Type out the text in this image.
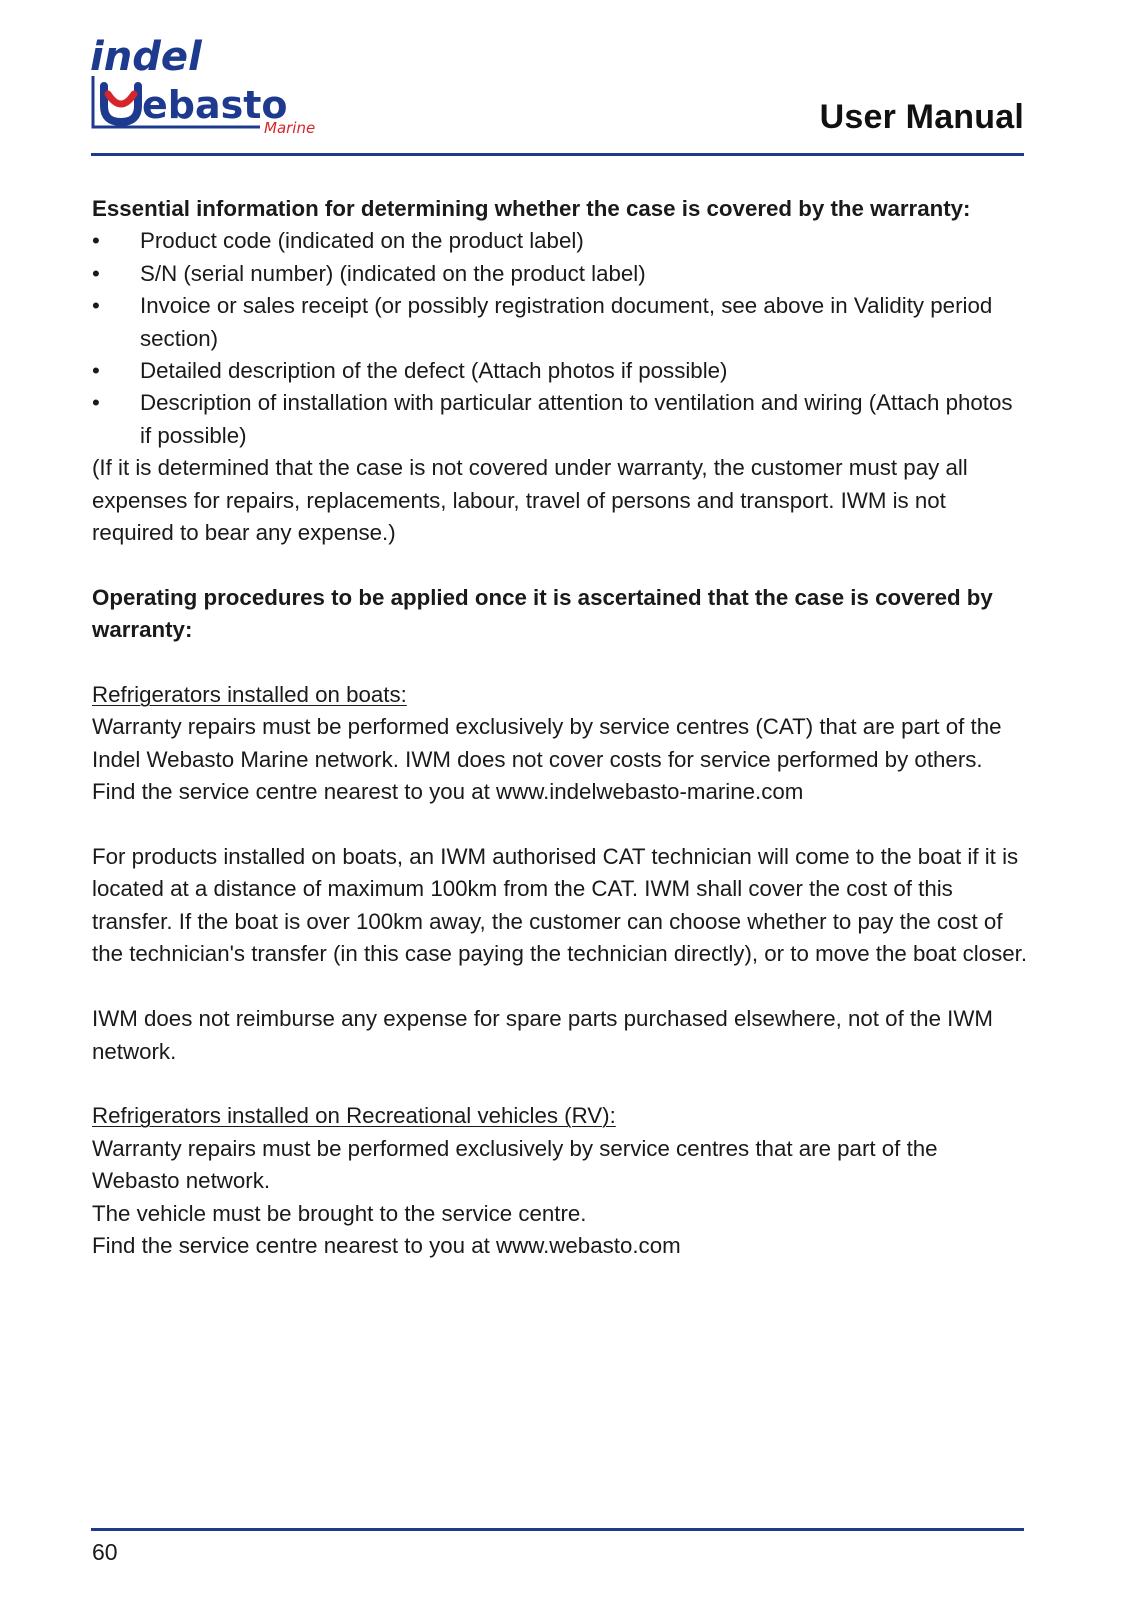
indel
ebasto
Marine	User Manual

Essential information for determining whether the case is covered by the warranty:

•	Product code (indicated on the product label)
•	S/N (serial number) (indicated on the product label)
•	Invoice or sales receipt (or possibly registration document, see above in Validity period section)
•	Detailed description of the defect (Attach photos if possible)
•	Description of installation with particular attention to ventilation and wiring (Attach photos if possible)

(If it is determined that the case is not covered under warranty, the customer must pay all expenses for repairs, replacements, labour, travel of persons and transport. IWM is not required to bear any expense.)

Operating procedures to be applied once it is ascertained that the case is covered by warranty:

Refrigerators installed on boats:

Warranty repairs must be performed exclusively by service centres (CAT) that are part of the Indel Webasto Marine network. IWM does not cover costs for service performed by others. Find the service centre nearest to you at www.indelwebasto-marine.com

For products installed on boats, an IWM authorised CAT technician will come to the boat if it is located at a distance of maximum 100km from the CAT. IWM shall cover the cost of this transfer. If the boat is over 100km away, the customer can choose whether to pay the cost of the technician's transfer (in this case paying the technician directly), or to move the boat closer.

IWM does not reimburse any expense for spare parts purchased elsewhere, not of the IWM network.

Refrigerators installed on Recreational vehicles (RV):

Warranty repairs must be performed exclusively by service centres that are part of the Webasto network.

The vehicle must be brought to the service centre.

Find the service centre nearest to you at www.webasto.com

60
